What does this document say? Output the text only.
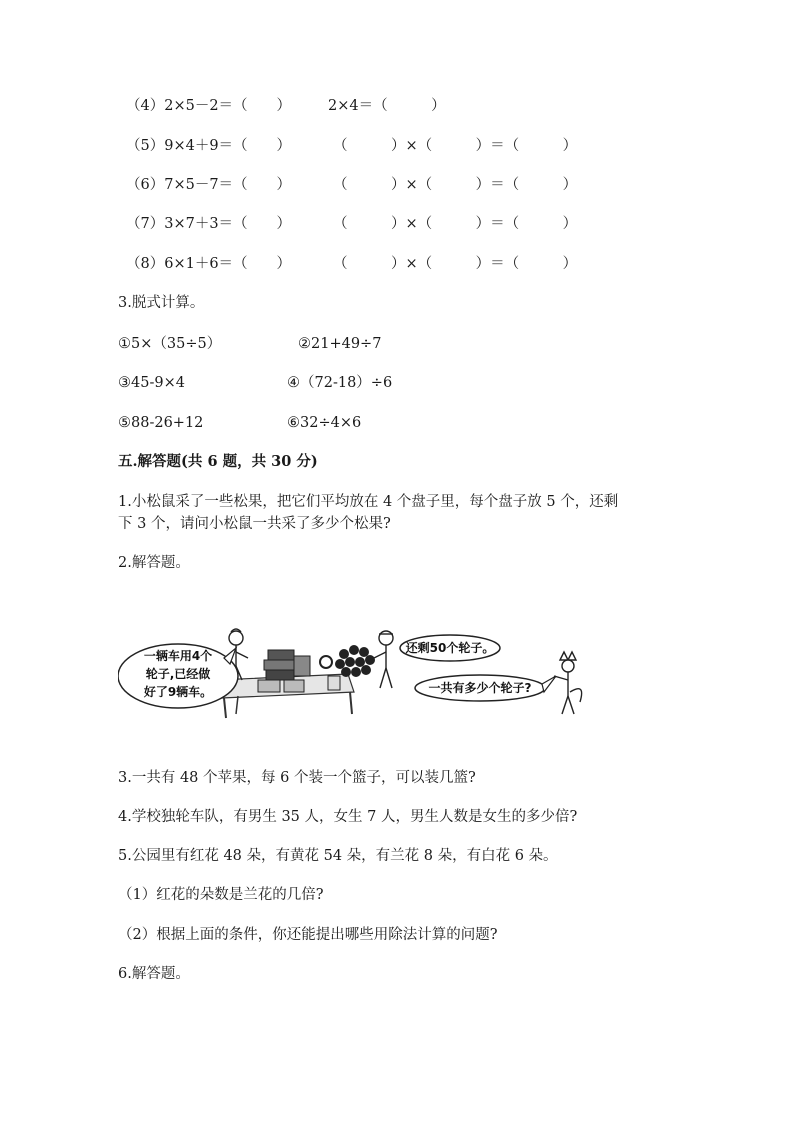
（4）2×5－2＝（　　）	2×4＝（　　　）
（5）9×4＋9＝（　　）	（　　　）×（　　　）＝（　　　）
（6）7×5－7＝（　　）	（　　　）×（　　　）＝（　　　）
（7）3×7＋3＝（　　）	（　　　）×（　　　）＝（　　　）
（8）6×1＋6＝（　　）	（　　　）×（　　　）＝（　　　）
3.脱式计算。
①5×（35÷5）	②21+49÷7
③45-9×4	④（72-18）÷6
⑤88-26+12	⑥32÷4×6
五.解答题(共 6 题，共 30 分)
1.小松鼠采了一些松果，把它们平均放在 4 个盘子里，每个盘子放 5 个，还剩
下 3 个，请问小松鼠一共采了多少个松果?
2.解答题。
一辆车用4个
轮子,已经做
好了9辆车。
还剩50个轮子。
一共有多少个轮子?
3.一共有 48 个苹果，每 6 个装一个篮子，可以装几篮?
4.学校独轮车队，有男生 35 人，女生 7 人，男生人数是女生的多少倍?
5.公园里有红花 48 朵，有黄花 54 朵，有兰花 8 朵，有白花 6 朵。
（1）红花的朵数是兰花的几倍?
（2）根据上面的条件，你还能提出哪些用除法计算的问题?
6.解答题。
